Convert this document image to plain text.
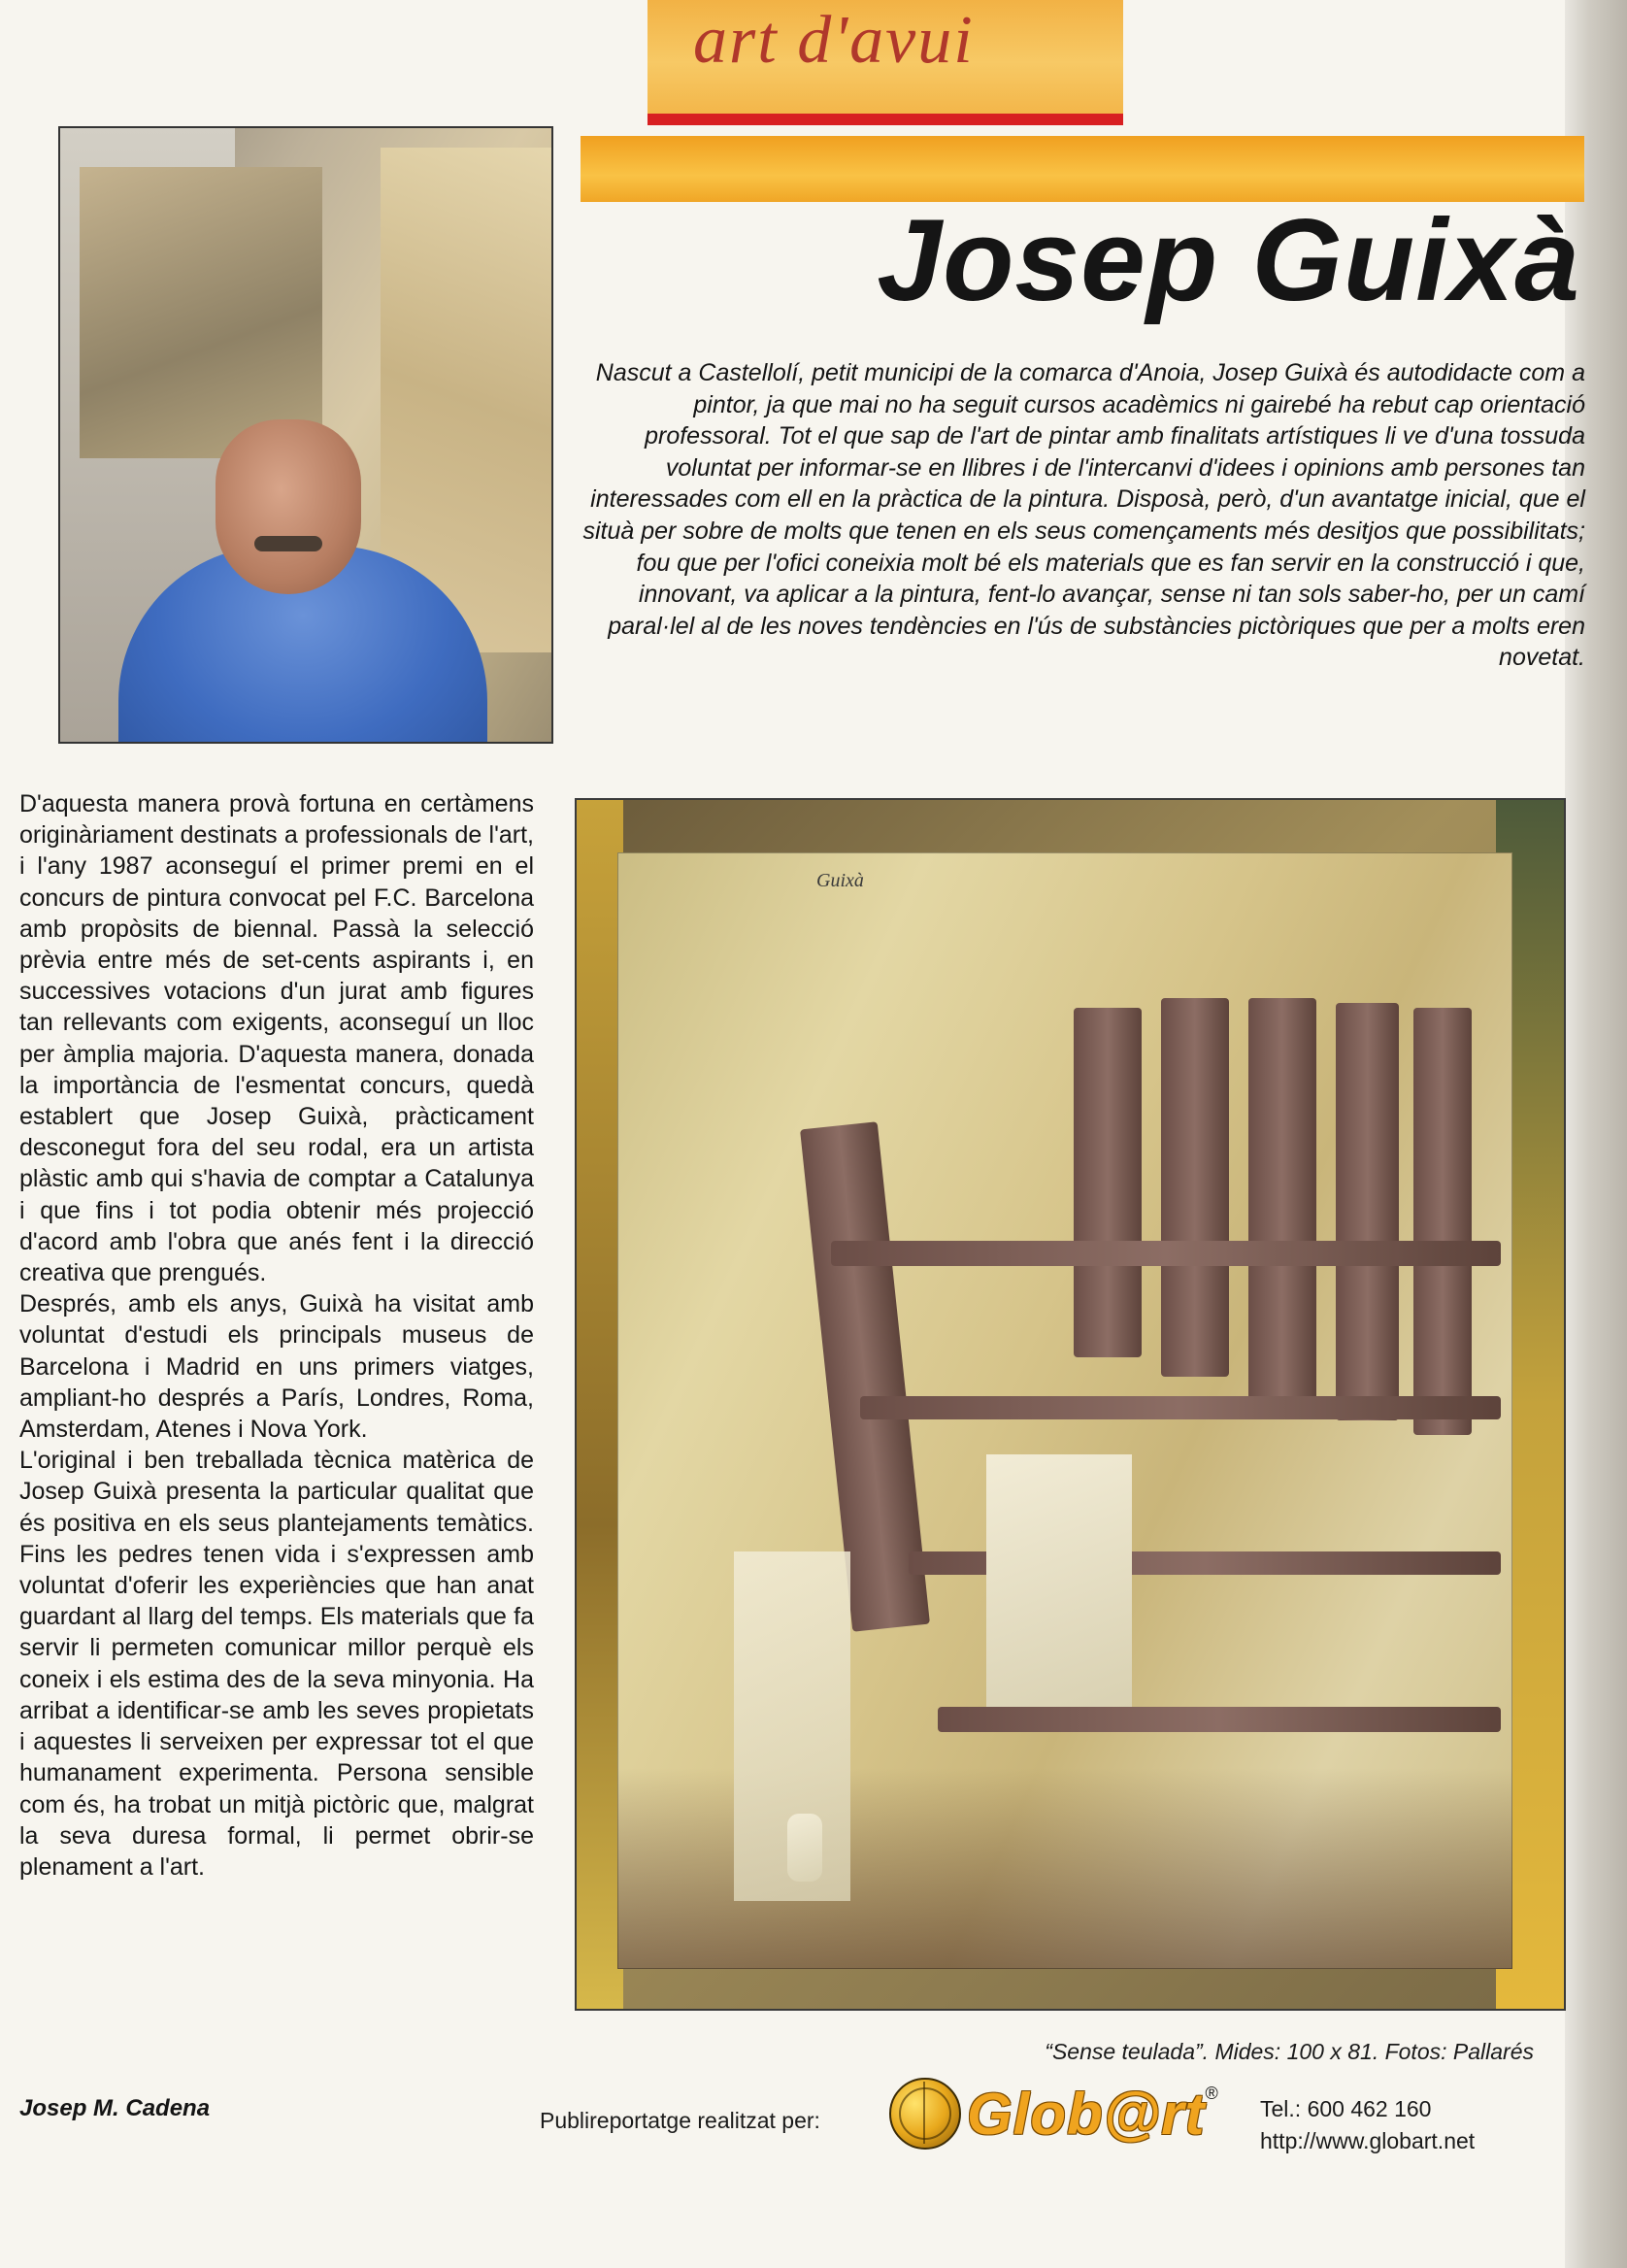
art d'avui
Josep Guixà
Nascut a Castellolí, petit municipi de la comarca d'Anoia, Josep Guixà és autodidacte com a pintor, ja que mai no ha seguit cursos acadèmics ni gairebé ha rebut cap orientació professoral. Tot el que sap de l'art de pintar amb finalitats artístiques li ve d'una tossuda voluntat per informar-se en llibres i de l'intercanvi d'idees i opinions amb persones tan interessades com ell en la pràctica de la pintura. Disposà, però, d'un avantatge inicial, que el situà per sobre de molts que tenen en els seus començaments més desitjos que possibilitats; fou que per l'ofici coneixia molt bé els materials que es fan servir en la construcció i que, innovant, va aplicar a la pintura, fent-lo avançar, sense ni tan sols saber-ho, per un camí paral·lel al de les noves tendències en l'ús de substàncies pictòriques que per a molts eren novetat.

D'aquesta manera provà fortuna en certàmens originàriament destinats a professionals de l'art, i l'any 1987 aconseguí el primer premi en el concurs de pintura convocat pel F.C. Barcelona amb propòsits de biennal. Passà la selecció prèvia entre més de set-cents aspirants i, en successives votacions d'un jurat amb figures tan rellevants com exigents, aconseguí un lloc per àmplia majoria. D'aquesta manera, donada la importància de l'esmentat concurs, quedà establert que Josep Guixà, pràcticament desconegut fora del seu rodal, era un artista plàstic amb qui s'havia de comptar a Catalunya i que fins i tot podia obtenir més projecció d'acord amb l'obra que anés fent i la direcció creativa que prengués.

Després, amb els anys, Guixà ha visitat amb voluntat d'estudi els principals museus de Barcelona i Madrid en uns primers viatges, ampliant-ho després a París, Londres, Roma, Amsterdam, Atenes i Nova York.

L'original i ben treballada tècnica matèrica de Josep Guixà presenta la particular qualitat que és positiva en els seus plantejaments temàtics. Fins les pedres tenen vida i s'expressen amb voluntat d'oferir les experiències que han anat guardant al llarg del temps. Els materials que fa servir li permeten comunicar millor perquè els coneix i els estima des de la seva minyonia. Ha arribat a identificar-se amb les seves propietats i aquestes li serveixen per expressar tot el que humanament experimenta. Persona sensible com és, ha trobat un mitjà pictòric que, malgrat la seva duresa formal, li permet obrir-se plenament a l'art.

Josep M. Cadena
Guixà
“Sense teulada”. Mides: 100 x 81. Fotos: Pallarés
Publireportatge realitzat per:	Glob@rt ®
Tel.: 600 462 160
http://www.globart.net
